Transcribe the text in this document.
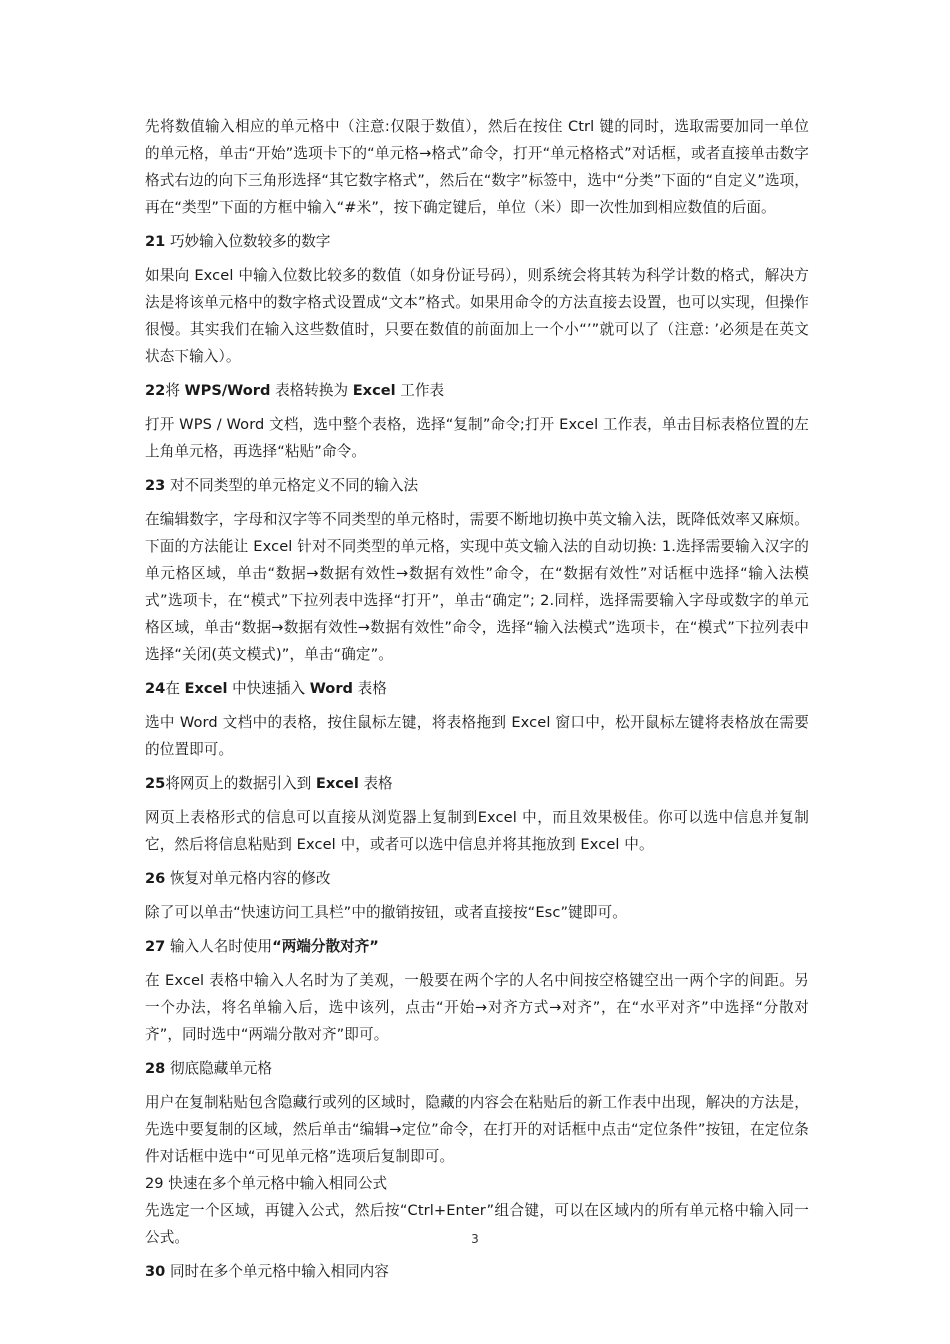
先将数值输入相应的单元格中（注意:仅限于数值），然后在按住 Ctrl 键的同时，选取需要加同一单位的单元格，单击“开始”选项卡下的“单元格→格式”命令，打开“单元格格式”对话框，或者直接单击数字格式右边的向下三角形选择“其它数字格式”，然后在“数字”标签中，选中“分类”下面的“自定义”选项，再在“类型”下面的方框中输入“#米”，按下确定键后，单位（米）即一次性加到相应数值的后面。

21 巧妙输入位数较多的数字

如果向 Excel 中输入位数比较多的数值（如身份证号码），则系统会将其转为科学计数的格式，解决方法是将该单元格中的数字格式设置成“文本”格式。如果用命令的方法直接去设置，也可以实现，但操作很慢。其实我们在输入这些数值时，只要在数值的前面加上一个小“’”就可以了（注意: ’必须是在英文状态下输入）。

22将 WPS/Word 表格转换为 Excel 工作表

打开 WPS / Word 文档，选中整个表格，选择“复制”命令;打开 Excel 工作表，单击目标表格位置的左上角单元格，再选择“粘贴”命令。

23 对不同类型的单元格定义不同的输入法

在编辑数字，字母和汉字等不同类型的单元格时，需要不断地切换中英文输入法，既降低效率又麻烦。下面的方法能让 Excel 针对不同类型的单元格，实现中英文输入法的自动切换: 1.选择需要输入汉字的单元格区域，单击“数据→数据有效性→数据有效性”命令，在“数据有效性”对话框中选择“输入法模式”选项卡，在“模式”下拉列表中选择“打开”，单击“确定”; 2.同样，选择需要输入字母或数字的单元格区域，单击“数据→数据有效性→数据有效性”命令，选择“输入法模式”选项卡，在“模式”下拉列表中选择“关闭(英文模式)”，单击“确定”。

24在 Excel 中快速插入 Word 表格

选中 Word 文档中的表格，按住鼠标左键，将表格拖到 Excel 窗口中，松开鼠标左键将表格放在需要的位置即可。

25将网页上的数据引入到 Excel 表格

网页上表格形式的信息可以直接从浏览器上复制到Excel 中，而且效果极佳。你可以选中信息并复制它，然后将信息粘贴到 Excel 中，或者可以选中信息并将其拖放到 Excel 中。

26 恢复对单元格内容的修改

除了可以单击“快速访问工具栏”中的撤销按钮，或者直接按“Esc”键即可。

27 输入人名时使用“两端分散对齐”

在 Excel 表格中输入人名时为了美观，一般要在两个字的人名中间按空格键空出一两个字的间距。另一个办法，将名单输入后，选中该列，点击“开始→对齐方式→对齐”，在“水平对齐”中选择“分散对齐”，同时选中“两端分散对齐”即可。

28 彻底隐藏单元格

用户在复制粘贴包含隐藏行或列的区域时，隐藏的内容会在粘贴后的新工作表中出现，解决的方法是，先选中要复制的区域，然后单击“编辑→定位”命令，在打开的对话框中点击“定位条件”按钮，在定位条件对话框中选中“可见单元格”选项后复制即可。

29 快速在多个单元格中输入相同公式

先选定一个区域，再键入公式，然后按“Ctrl+Enter”组合键，可以在区域内的所有单元格中输入同一公式。

30 同时在多个单元格中输入相同内容

3
